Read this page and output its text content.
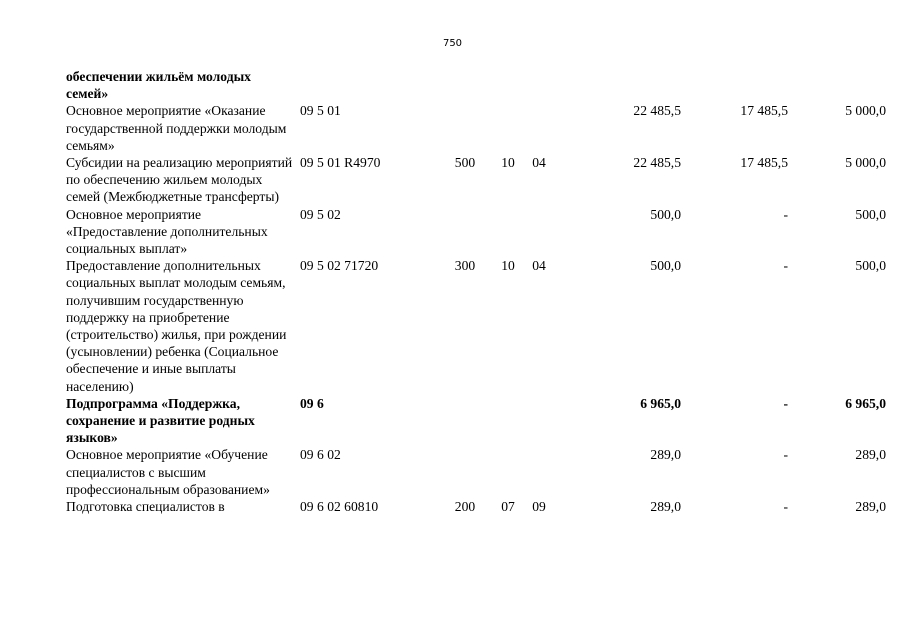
750
обеспечении жильём молодых семей»							
Основное мероприятие «Оказание государственной поддержки молодым семьям»	09 5 01				22 485,5	17 485,5	5 000,0
Субсидии на реализацию мероприятий по обеспечению жильем молодых семей (Межбюджетные трансферты)	09 5 01 R4970	500	10	04	22 485,5	17 485,5	5 000,0
Основное мероприятие «Предоставление дополнительных социальных выплат»	09 5 02				500,0	-	500,0
Предоставление дополнительных социальных выплат молодым семьям, получившим государственную поддержку на приобретение (строительство) жилья, при рождении (усыновлении) ребенка (Социальное обеспечение и иные выплаты населению)	09 5 02 71720	300	10	04	500,0	-	500,0
Подпрограмма «Поддержка, сохранение и развитие родных языков»	09 6				6 965,0	-	6 965,0
Основное мероприятие «Обучение специалистов с высшим профессиональным образованием»	09 6 02				289,0	-	289,0
Подготовка специалистов в	09 6 02 60810	200	07	09	289,0	-	289,0
